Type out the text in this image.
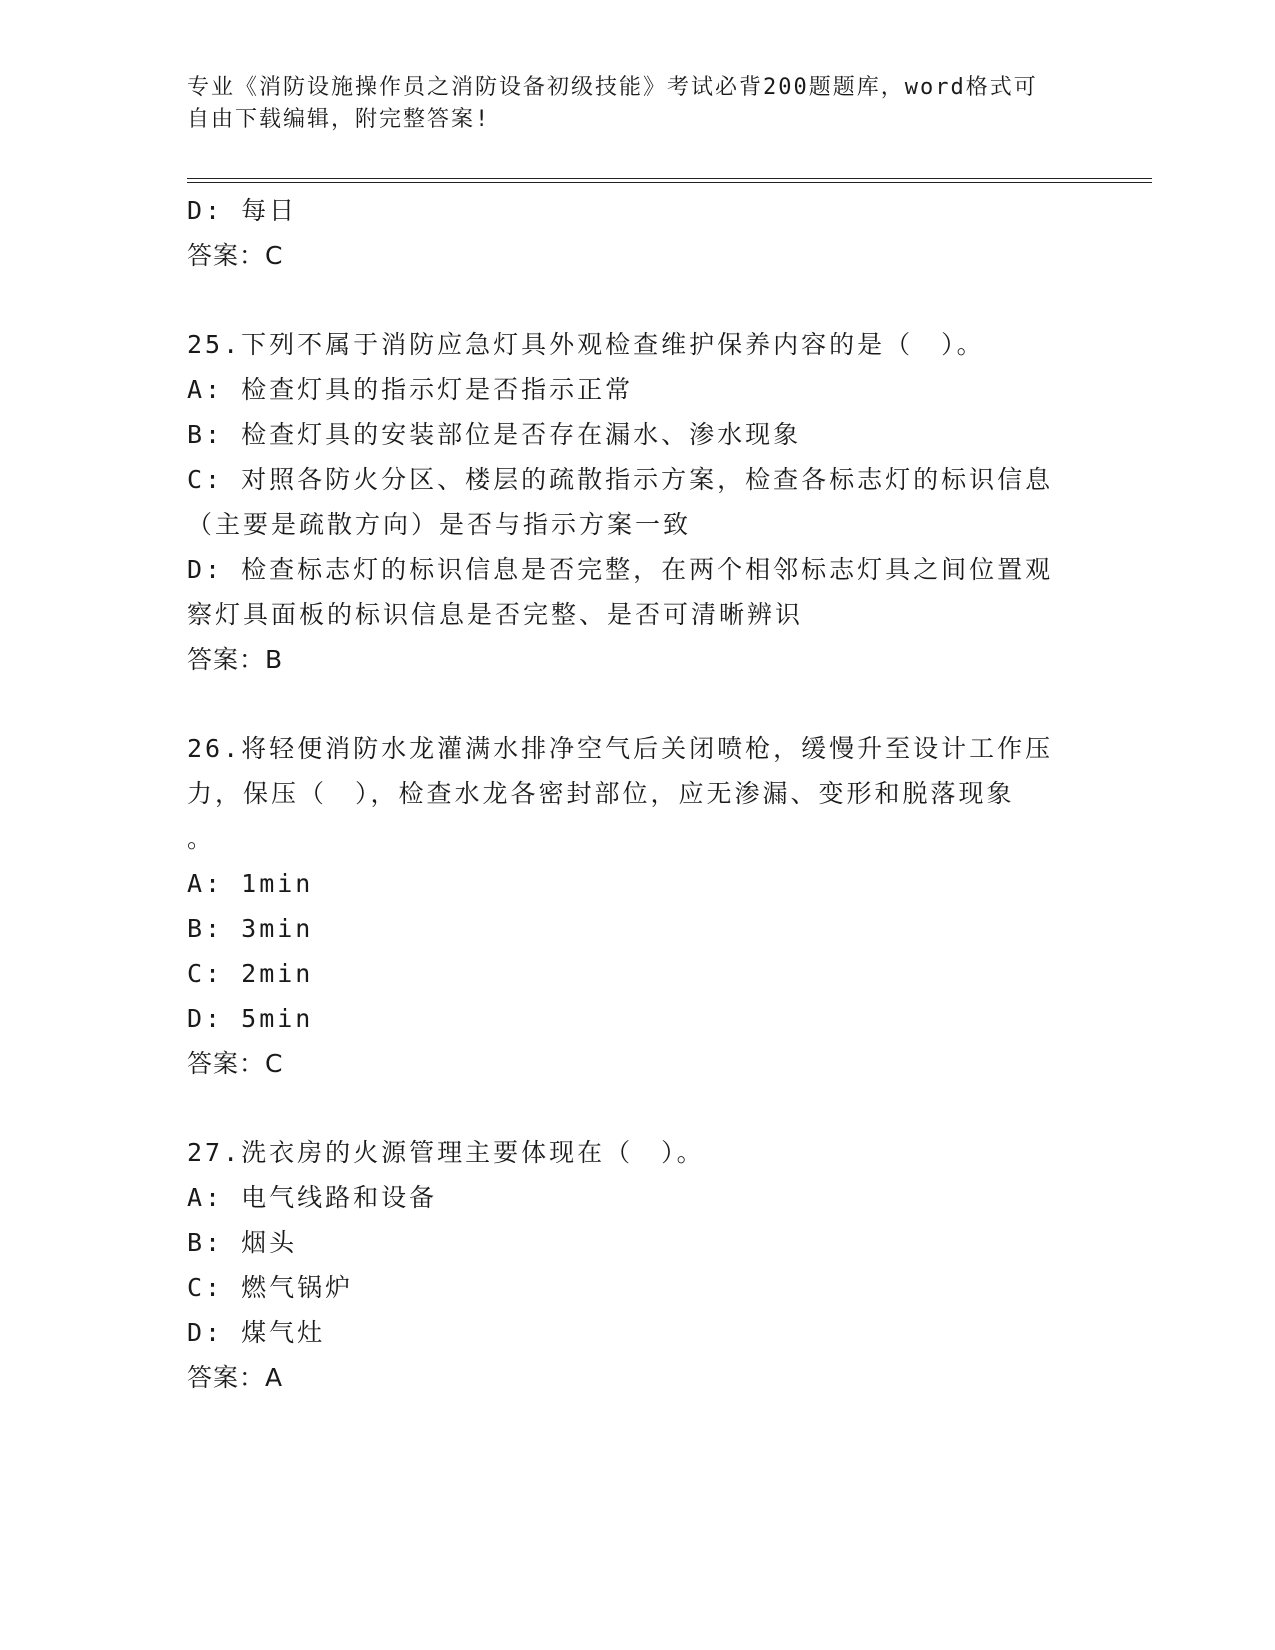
专业《消防设施操作员之消防设备初级技能》考试必背200题题库，word格式可
自由下载编辑，附完整答案!
D: 每日
答案：C
25.下列不属于消防应急灯具外观检查维护保养内容的是（　）。
A: 检查灯具的指示灯是否指示正常
B: 检查灯具的安装部位是否存在漏水、渗水现象
C: 对照各防火分区、楼层的疏散指示方案，检查各标志灯的标识信息
（主要是疏散方向）是否与指示方案一致
D: 检查标志灯的标识信息是否完整，在两个相邻标志灯具之间位置观
察灯具面板的标识信息是否完整、是否可清晰辨识
答案：B
26.将轻便消防水龙灌满水排净空气后关闭喷枪，缓慢升至设计工作压
力，保压（　），检查水龙各密封部位，应无渗漏、变形和脱落现象
。
A: 1min
B: 3min
C: 2min
D: 5min
答案：C
27.洗衣房的火源管理主要体现在（　）。
A: 电气线路和设备
B: 烟头
C: 燃气锅炉
D: 煤气灶
答案：A
